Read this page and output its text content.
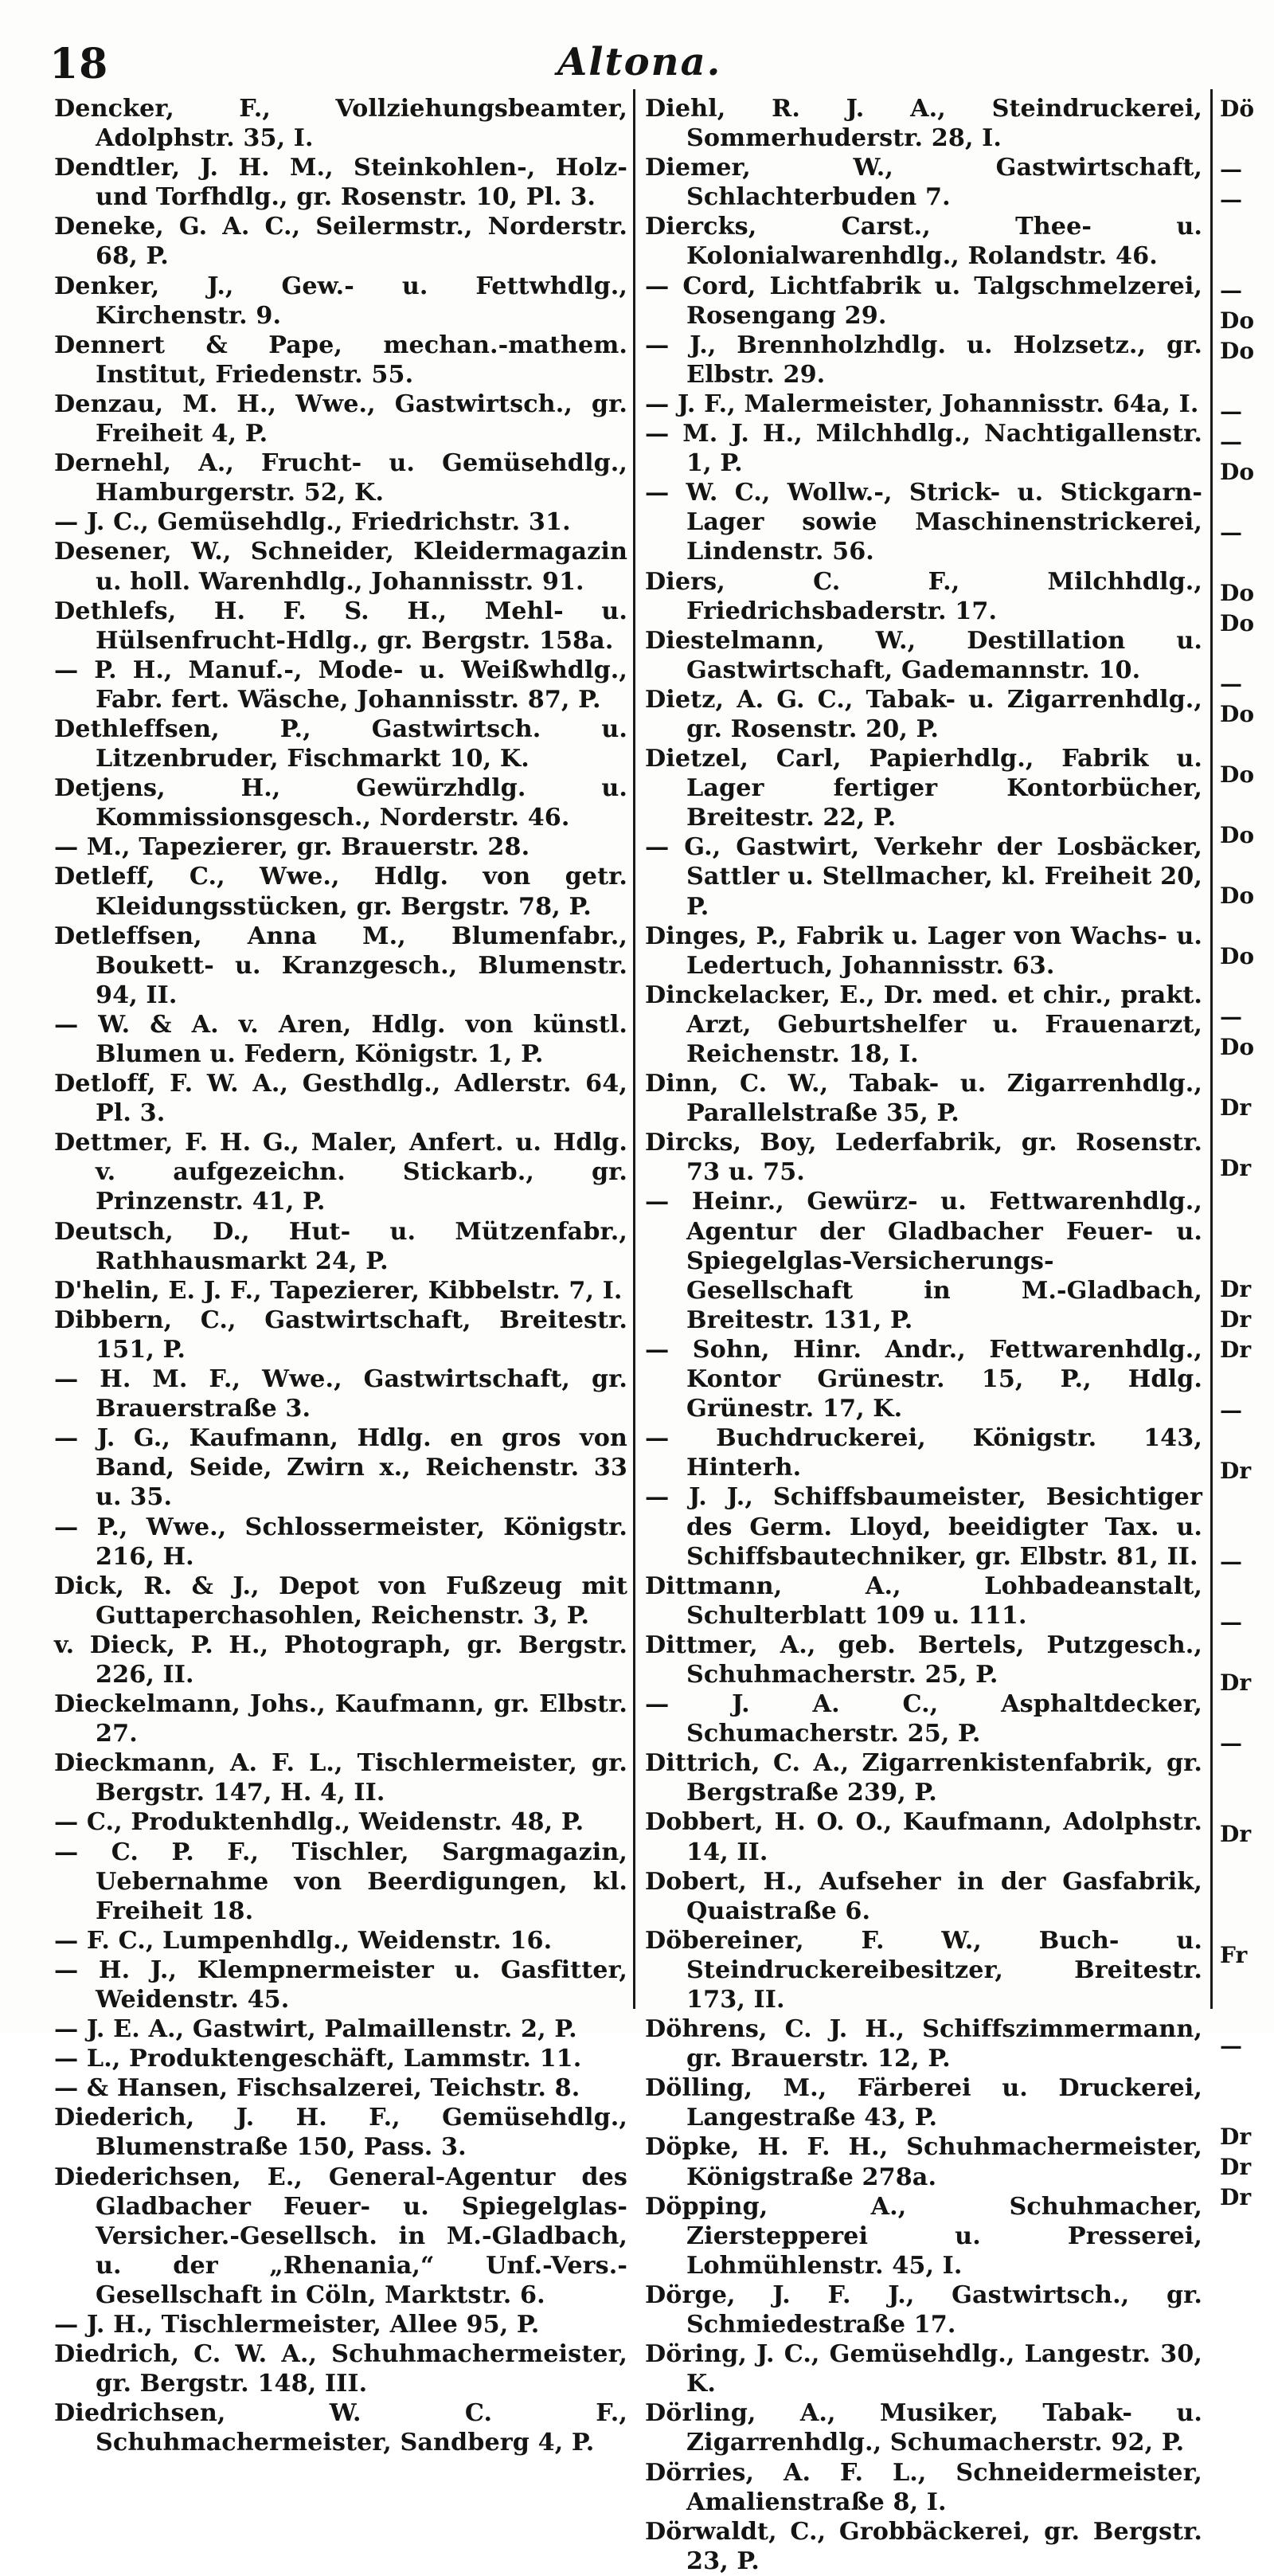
18	Altona.
Dencker, F., Vollziehungsbeamter, Adolphstr. 35, I.
Dendtler, J. H. M., Steinkohlen-, Holz- und Torfhdlg., gr. Rosenstr. 10, Pl. 3.
Deneke, G. A. C., Seilermstr., Norderstr. 68, P.
Denker, J., Gew.- u. Fettwhdlg., Kirchenstr. 9.
Dennert & Pape, mechan.-mathem. Institut, Friedenstr. 55.
Denzau, M. H., Wwe., Gastwirtsch., gr. Freiheit 4, P.
Dernehl, A., Frucht- u. Gemüsehdlg., Hamburgerstr. 52, K.
— J. C., Gemüsehdlg., Friedrichstr. 31.
Desener, W., Schneider, Kleidermagazin u. holl. Warenhdlg., Johannisstr. 91.
Dethlefs, H. F. S. H., Mehl- u. Hülsenfrucht-Hdlg., gr. Bergstr. 158a.
— P. H., Manuf.-, Mode- u. Weißwhdlg., Fabr. fert. Wäsche, Johannisstr. 87, P.
Dethleffsen, P., Gastwirtsch. u. Litzenbruder, Fischmarkt 10, K.
Detjens, H., Gewürzhdlg. u. Kommissionsgesch., Norderstr. 46.
— M., Tapezierer, gr. Brauerstr. 28.
Detleff, C., Wwe., Hdlg. von getr. Kleidungsstücken, gr. Bergstr. 78, P.
Detleffsen, Anna M., Blumenfabr., Boukett- u. Kranzgesch., Blumenstr. 94, II.
— W. & A. v. Aren, Hdlg. von künstl. Blumen u. Federn, Königstr. 1, P.
Detloff, F. W. A., Gesthdlg., Adlerstr. 64, Pl. 3.
Dettmer, F. H. G., Maler, Anfert. u. Hdlg. v. aufgezeichn. Stickarb., gr. Prinzenstr. 41, P.
Deutsch, D., Hut- u. Mützenfabr., Rathhausmarkt 24, P.
D'helin, E. J. F., Tapezierer, Kibbelstr. 7, I.
Dibbern, C., Gastwirtschaft, Breitestr. 151, P.
— H. M. F., Wwe., Gastwirtschaft, gr. Brauerstraße 3.
— J. G., Kaufmann, Hdlg. en gros von Band, Seide, Zwirn x., Reichenstr. 33 u. 35.
— P., Wwe., Schlossermeister, Königstr. 216, H.
Dick, R. & J., Depot von Fußzeug mit Guttaperchasohlen, Reichenstr. 3, P.
v. Dieck, P. H., Photograph, gr. Bergstr. 226, II.
Dieckelmann, Johs., Kaufmann, gr. Elbstr. 27.
Dieckmann, A. F. L., Tischlermeister, gr. Bergstr. 147, H. 4, II.
— C., Produktenhdlg., Weidenstr. 48, P.
— C. P. F., Tischler, Sargmagazin, Uebernahme von Beerdigungen, kl. Freiheit 18.
— F. C., Lumpenhdlg., Weidenstr. 16.
— H. J., Klempnermeister u. Gasfitter, Weidenstr. 45.
— J. E. A., Gastwirt, Palmaillenstr. 2, P.
— L., Produktengeschäft, Lammstr. 11.
— & Hansen, Fischsalzerei, Teichstr. 8.
Diederich, J. H. F., Gemüsehdlg., Blumenstraße 150, Pass. 3.
Diederichsen, E., General-Agentur des Gladbacher Feuer- u. Spiegelglas-Versicher.-Gesellsch. in M.-Gladbach, u. der „Rhenania,“ Unf.-Vers.-Gesellschaft in Cöln, Marktstr. 6.
— J. H., Tischlermeister, Allee 95, P.
Diedrich, C. W. A., Schuhmachermeister, gr. Bergstr. 148, III.
Diedrichsen, W. C. F., Schuhmachermeister, Sandberg 4, P.
Diehl, R. J. A., Steindruckerei, Sommerhuderstr. 28, I.
Diemer, W., Gastwirtschaft, Schlachterbuden 7.
Diercks, Carst., Thee- u. Kolonialwarenhdlg., Rolandstr. 46.
— Cord, Lichtfabrik u. Talgschmelzerei, Rosengang 29.
— J., Brennholzhdlg. u. Holzsetz., gr. Elbstr. 29.
— J. F., Malermeister, Johannisstr. 64a, I.
— M. J. H., Milchhdlg., Nachtigallenstr. 1, P.
— W. C., Wollw.-, Strick- u. Stickgarn-Lager sowie Maschinenstrickerei, Lindenstr. 56.
Diers, C. F., Milchhdlg., Friedrichsbaderstr. 17.
Diestelmann, W., Destillation u. Gastwirtschaft, Gademannstr. 10.
Dietz, A. G. C., Tabak- u. Zigarrenhdlg., gr. Rosenstr. 20, P.
Dietzel, Carl, Papierhdlg., Fabrik u. Lager fertiger Kontorbücher, Breitestr. 22, P.
— G., Gastwirt, Verkehr der Losbäcker, Sattler u. Stellmacher, kl. Freiheit 20, P.
Dinges, P., Fabrik u. Lager von Wachs- u. Ledertuch, Johannisstr. 63.
Dinckelacker, E., Dr. med. et chir., prakt. Arzt, Geburtshelfer u. Frauenarzt, Reichenstr. 18, I.
Dinn, C. W., Tabak- u. Zigarrenhdlg., Parallelstraße 35, P.
Dircks, Boy, Lederfabrik, gr. Rosenstr. 73 u. 75.
— Heinr., Gewürz- u. Fettwarenhdlg., Agentur der Gladbacher Feuer- u. Spiegelglas-Versicherungs-Gesellschaft in M.-Gladbach, Breitestr. 131, P.
— Sohn, Hinr. Andr., Fettwarenhdlg., Kontor Grünestr. 15, P., Hdlg. Grünestr. 17, K.
— Buchdruckerei, Königstr. 143, Hinterh.
— J. J., Schiffsbaumeister, Besichtiger des Germ. Lloyd, beeidigter Tax. u. Schiffsbautechniker, gr. Elbstr. 81, II.
Dittmann, A., Lohbadeanstalt, Schulterblatt 109 u. 111.
Dittmer, A., geb. Bertels, Putzgesch., Schuhmacherstr. 25, P.
— J. A. C., Asphaltdecker, Schumacherstr. 25, P.
Dittrich, C. A., Zigarrenkistenfabrik, gr. Bergstraße 239, P.
Dobbert, H. O. O., Kaufmann, Adolphstr. 14, II.
Dobert, H., Aufseher in der Gasfabrik, Quaistraße 6.
Döbereiner, F. W., Buch- u. Steindruckereibesitzer, Breitestr. 173, II.
Döhrens, C. J. H., Schiffszimmermann, gr. Brauerstr. 12, P.
Dölling, M., Färberei u. Druckerei, Langestraße 43, P.
Döpke, H. F. H., Schuhmachermeister, Königstraße 278a.
Döpping, A., Schuhmacher, Ziersteppereі u. Presserei, Lohmühlenstr. 45, I.
Dörge, J. F. J., Gastwirtsch., gr. Schmiedestraße 17.
Döring, J. C., Gemüsehdlg., Langestr. 30, K.
Dörling, A., Musiker, Tabak- u. Zigarrenhdlg., Schumacherstr. 92, P.
Dörries, A. F. L., Schneidermeister, Amalienstraße 8, I.
Dörwaldt, C., Grobbäckerei, gr. Bergstr. 23, P.
Dö

—
—

—
Do
Do

—
—
Do

—

Do
Do

—
Do

Do

Do

Do

Do

—
Do

Dr

Dr

Dr
Dr
Dr

—

Dr

—

—

Dr

—

Dr

Fr

—

Dr
Dr
Dr
